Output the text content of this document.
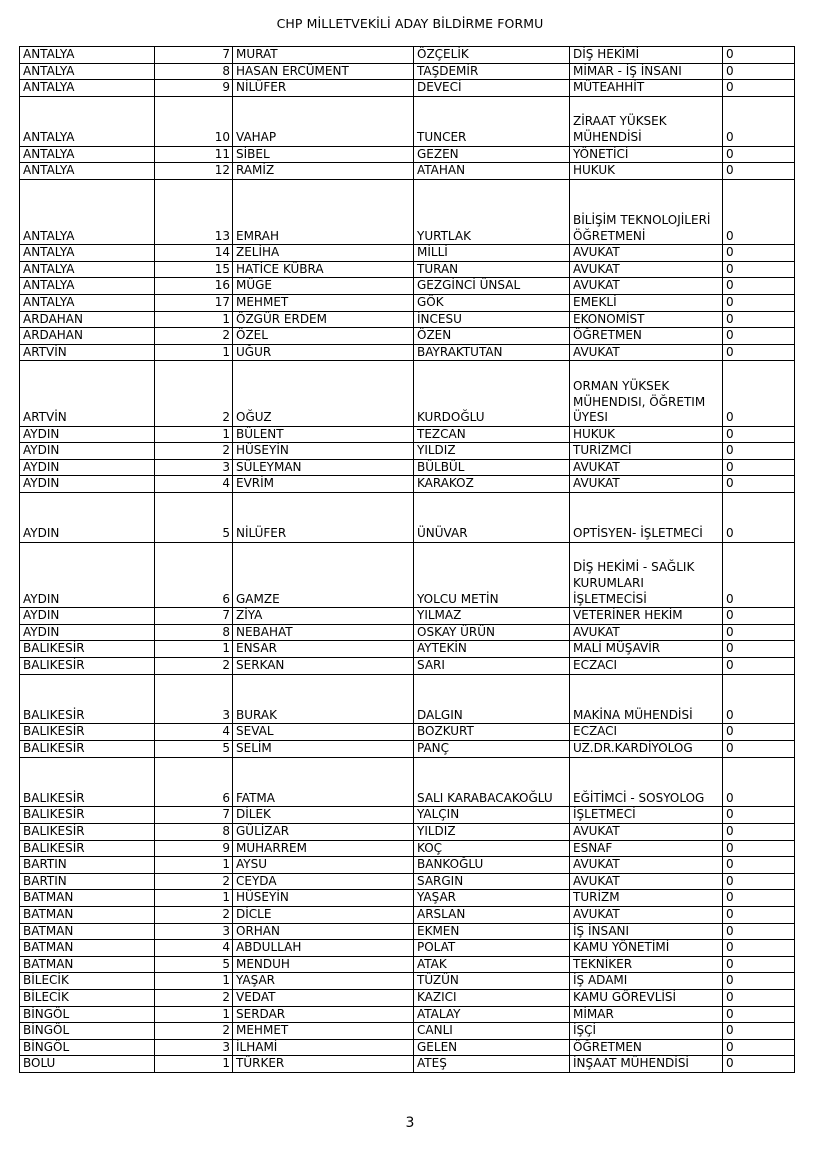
CHP MİLLETVEKİLİ ADAY BİLDİRME FORMU
ANTALYA	7	MURAT	ÖZÇELİK	DİŞ HEKİMİ	0
ANTALYA	8	HASAN ERCÜMENT	TAŞDEMİR	MİMAR - İŞ İNSANI	0
ANTALYA	9	NİLÜFER	DEVECİ	MÜTEAHHİT	0
ANTALYA	10	VAHAP	TUNCER	ZİRAAT YÜKSEK MÜHENDİSİ	0
ANTALYA	11	SİBEL	GEZEN	YÖNETİCİ	0
ANTALYA	12	RAMİZ	ATAHAN	HUKUK	0
ANTALYA	13	EMRAH	YURTLAK	BİLİŞİM TEKNOLOJİLERİ ÖĞRETMENİ	0
ANTALYA	14	ZELİHA	MİLLİ	AVUKAT	0
ANTALYA	15	HATİCE KÜBRA	TURAN	AVUKAT	0
ANTALYA	16	MÜGE	GEZGİNCİ ÜNSAL	AVUKAT	0
ANTALYA	17	MEHMET	GÖK	EMEKLİ	0
ARDAHAN	1	ÖZGÜR ERDEM	İNCESU	EKONOMİST	0
ARDAHAN	2	ÖZEL	ÖZEN	ÖĞRETMEN	0
ARTVİN	1	UĞUR	BAYRAKTUTAN	AVUKAT	0
ARTVİN	2	OĞUZ	KURDOĞLU	ORMAN YÜKSEK MÜHENDISI, ÖĞRETIM ÜYESI	0
AYDIN	1	BÜLENT	TEZCAN	HUKUK	0
AYDIN	2	HÜSEYİN	YILDIZ	TURİZMCİ	0
AYDIN	3	SÜLEYMAN	BÜLBÜL	AVUKAT	0
AYDIN	4	EVRİM	KARAKOZ	AVUKAT	0
AYDIN	5	NİLÜFER	ÜNÜVAR	OPTİSYEN- İŞLETMECİ	0
AYDIN	6	GAMZE	YOLCU METİN	DİŞ HEKİMİ - SAĞLIK KURUMLARI İŞLETMECİSİ	0
AYDIN	7	ZİYA	YILMAZ	VETERİNER HEKİM	0
AYDIN	8	NEBAHAT	OSKAY ÜRÜN	AVUKAT	0
BALIKESİR	1	ENSAR	AYTEKİN	MALİ MÜŞAVİR	0
BALIKESİR	2	SERKAN	SARI	ECZACI	0
BALIKESİR	3	BURAK	DALGIN	MAKİNA MÜHENDİSİ	0
BALIKESİR	4	SEVAL	BOZKURT	ECZACI	0
BALIKESİR	5	SELİM	PANÇ	UZ.DR.KARDİYOLOG	0
BALIKESİR	6	FATMA	SALI KARABACAKOĞLU	EĞİTİMCİ - SOSYOLOG	0
BALIKESİR	7	DİLEK	YALÇIN	İŞLETMECİ	0
BALIKESİR	8	GÜLİZAR	YILDIZ	AVUKAT	0
BALIKESİR	9	MUHARREM	KOÇ	ESNAF	0
BARTIN	1	AYSU	BANKOĞLU	AVUKAT	0
BARTIN	2	CEYDA	SARGIN	AVUKAT	0
BATMAN	1	HÜSEYİN	YAŞAR	TURİZM	0
BATMAN	2	DİCLE	ARSLAN	AVUKAT	0
BATMAN	3	ORHAN	EKMEN	İŞ İNSANI	0
BATMAN	4	ABDULLAH	POLAT	KAMU YÖNETİMİ	0
BATMAN	5	MENDUH	ATAK	TEKNİKER	0
BİLECİK	1	YAŞAR	TÜZÜN	İŞ ADAMI	0
BİLECİK	2	VEDAT	KAZICI	KAMU GÖREVLİSİ	0
BİNGÖL	1	SERDAR	ATALAY	MİMAR	0
BİNGÖL	2	MEHMET	CANLI	İŞÇİ	0
BİNGÖL	3	İLHAMİ	GELEN	ÖĞRETMEN	0
BOLU	1	TÜRKER	ATEŞ	İNŞAAT MÜHENDİSİ	0
3
